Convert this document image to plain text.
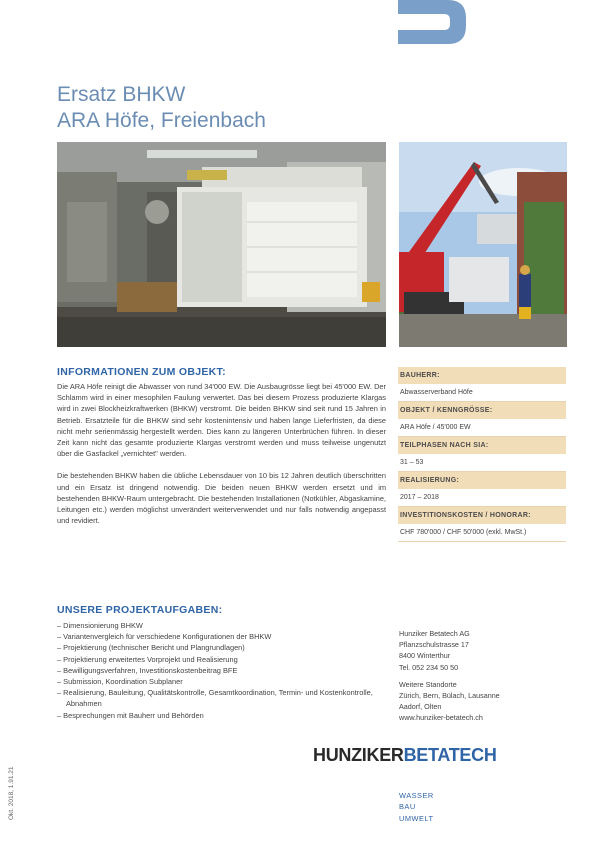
Ersatz BHKW
ARA Höfe, Freienbach
INFORMATIONEN ZUM OBJEKT:

Die ARA Höfe reinigt die Abwasser von rund 34'000 EW. Die Ausbaugrösse liegt bei 45'000 EW. Der Schlamm wird in einer mesophilen Faulung verwertet. Das bei diesem Prozess produzierte Klargas wird in zwei Blockheizkraftwerken (BHKW) verstromt. Die beiden BHKW sind seit rund 15 Jahren in Betrieb. Ersatzteile für die BHKW sind sehr kostenintensiv und haben lange Lieferfristen, da diese nicht mehr serienmässig hergestellt werden. Dies kann zu längeren Unterbrüchen führen. In dieser Zeit kann nicht das gesamte produzierte Klargas verstromt werden und muss teilweise ungenutzt über die Gasfackel „vernichtet" werden.

Die bestehenden BHKW haben die übliche Lebensdauer von 10 bis 12 Jahren deutlich überschritten und ein Ersatz ist dringend notwendig. Die beiden neuen BHKW werden ersetzt und im bestehenden BHKW-Raum untergebracht. Die bestehenden Installationen (Notkühler, Abgaskamine, Leitungen etc.) werden möglichst unverändert weiterverwendet und nur falls notwendig angepasst und revidiert.

BAUHERR:
Abwasserverband Höfe
OBJEKT / KENNGRÖSSE:
ARA Höfe / 45'000 EW
TEILPHASEN NACH SIA:
31 – 53
REALISIERUNG:
2017 – 2018
INVESTITIONSKOSTEN / HONORAR:
CHF 780'000 / CHF 50'000 (exkl. MwSt.)
UNSERE PROJEKTAUFGABEN:
– Dimensionierung BHKW
– Variantenvergleich für verschiedene Konfigurationen der BHKW
– Projektierung (technischer Bericht und Plangrundlagen)
– Projektierung erweitertes Vorprojekt und Realisierung
– Bewilligungsverfahren, Investitionskostenbeitrag BFE
– Submission, Koordination Subplaner
– Realisierung, Bauleitung, Qualitätskontrolle, Gesamtkoordination, Termin- und Kostenkontrolle, Abnahmen
– Besprechungen mit Bauherr und Behörden
Hunziker Betatech AG
Pflanzschulstrasse 17
8400 Winterthur
Tel. 052 234 50 50
Weitere Standorte
Zürich, Bern, Bülach, Lausanne
Aadorf, Olten
www.hunziker-betatech.ch
HUNZIKERBETATECH
WASSER
BAU
UMWELT
Okt. 2018, 1.91.21
